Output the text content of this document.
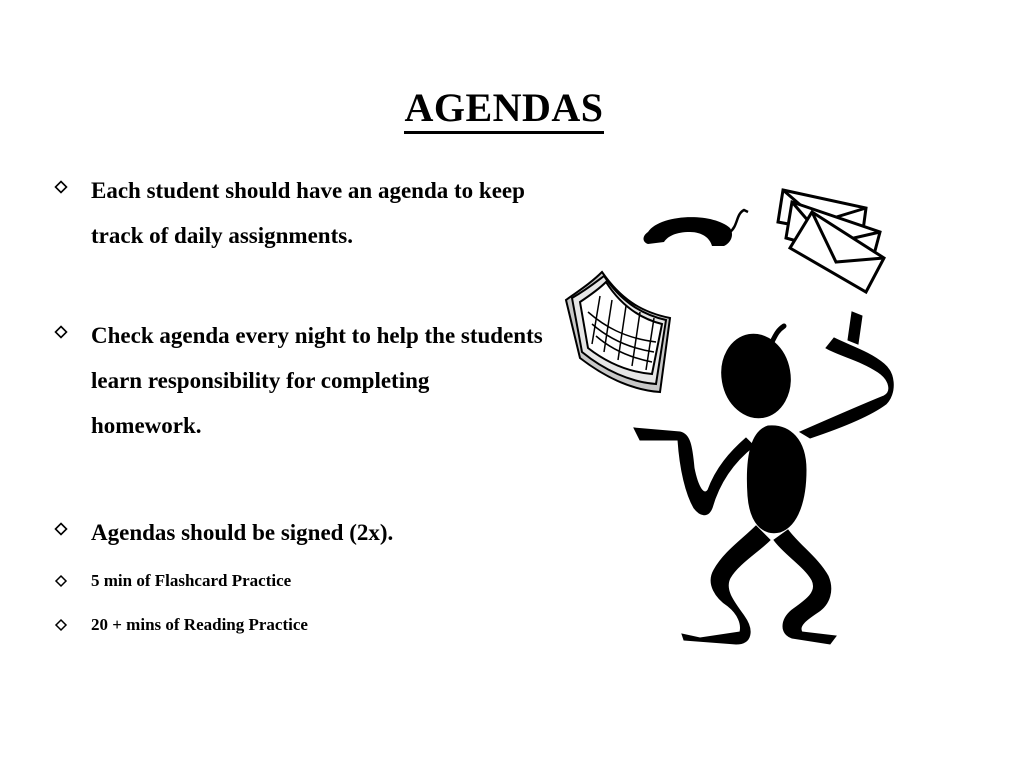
AGENDAS
Each student should have an agenda to keep track of daily assignments.
Check agenda every night to help the students learn responsibility for completing homework.
Agendas should be signed (2x).
5 min of Flashcard Practice
20 + mins of Reading Practice
